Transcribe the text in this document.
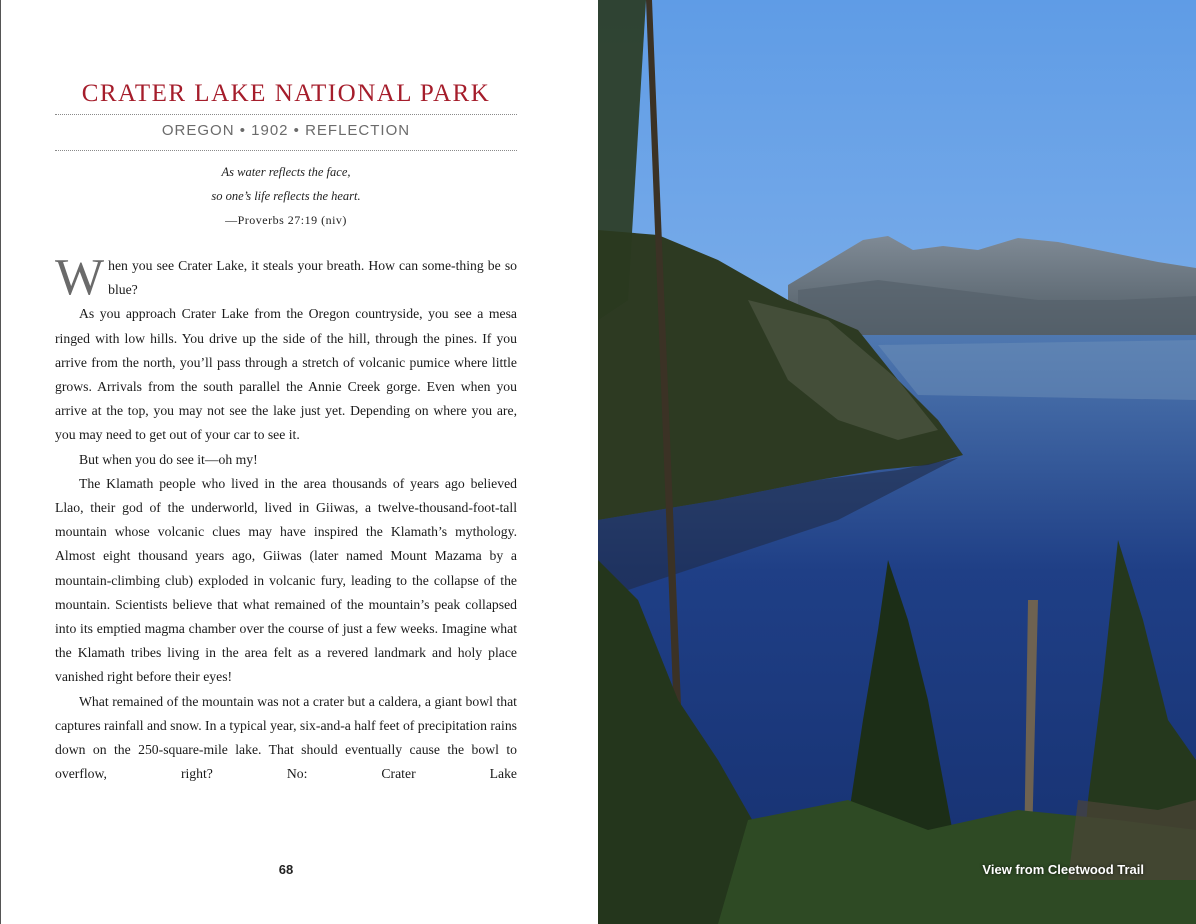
CRATER LAKE NATIONAL PARK
OREGON • 1902 • REFLECTION
As water reflects the face,
so one’s life reflects the heart.
—Proverbs 27:19 (niv)

When you see Crater Lake, it steals your breath. How can some-thing be so blue?

As you approach Crater Lake from the Oregon countryside, you see a mesa ringed with low hills. You drive up the side of the hill, through the pines. If you arrive from the north, you’ll pass through a stretch of volcanic pumice where little grows. Arrivals from the south parallel the Annie Creek gorge. Even when you arrive at the top, you may not see the lake just yet. Depending on where you are, you may need to get out of your car to see it.

But when you do see it—oh my!

The Klamath people who lived in the area thousands of years ago believed Llao, their god of the underworld, lived in Giiwas, a twelve-thousand-foot-tall mountain whose volcanic clues may have inspired the Klamath’s mythology. Almost eight thousand years ago, Giiwas (later named Mount Mazama by a mountain-climbing club) exploded in volcanic fury, leading to the collapse of the mountain. Scientists believe that what remained of the mountain’s peak collapsed into its emptied magma chamber over the course of just a few weeks. Imagine what the Klamath tribes living in the area felt as a revered landmark and holy place vanished right before their eyes!

What remained of the mountain was not a crater but a caldera, a giant bowl that captures rainfall and snow. In a typical year, six-and-a half feet of precipitation rains down on the 250-square-mile lake. That should eventually cause the bowl to overflow, right? No: Crater Lake

68	View from Cleetwood Trail
